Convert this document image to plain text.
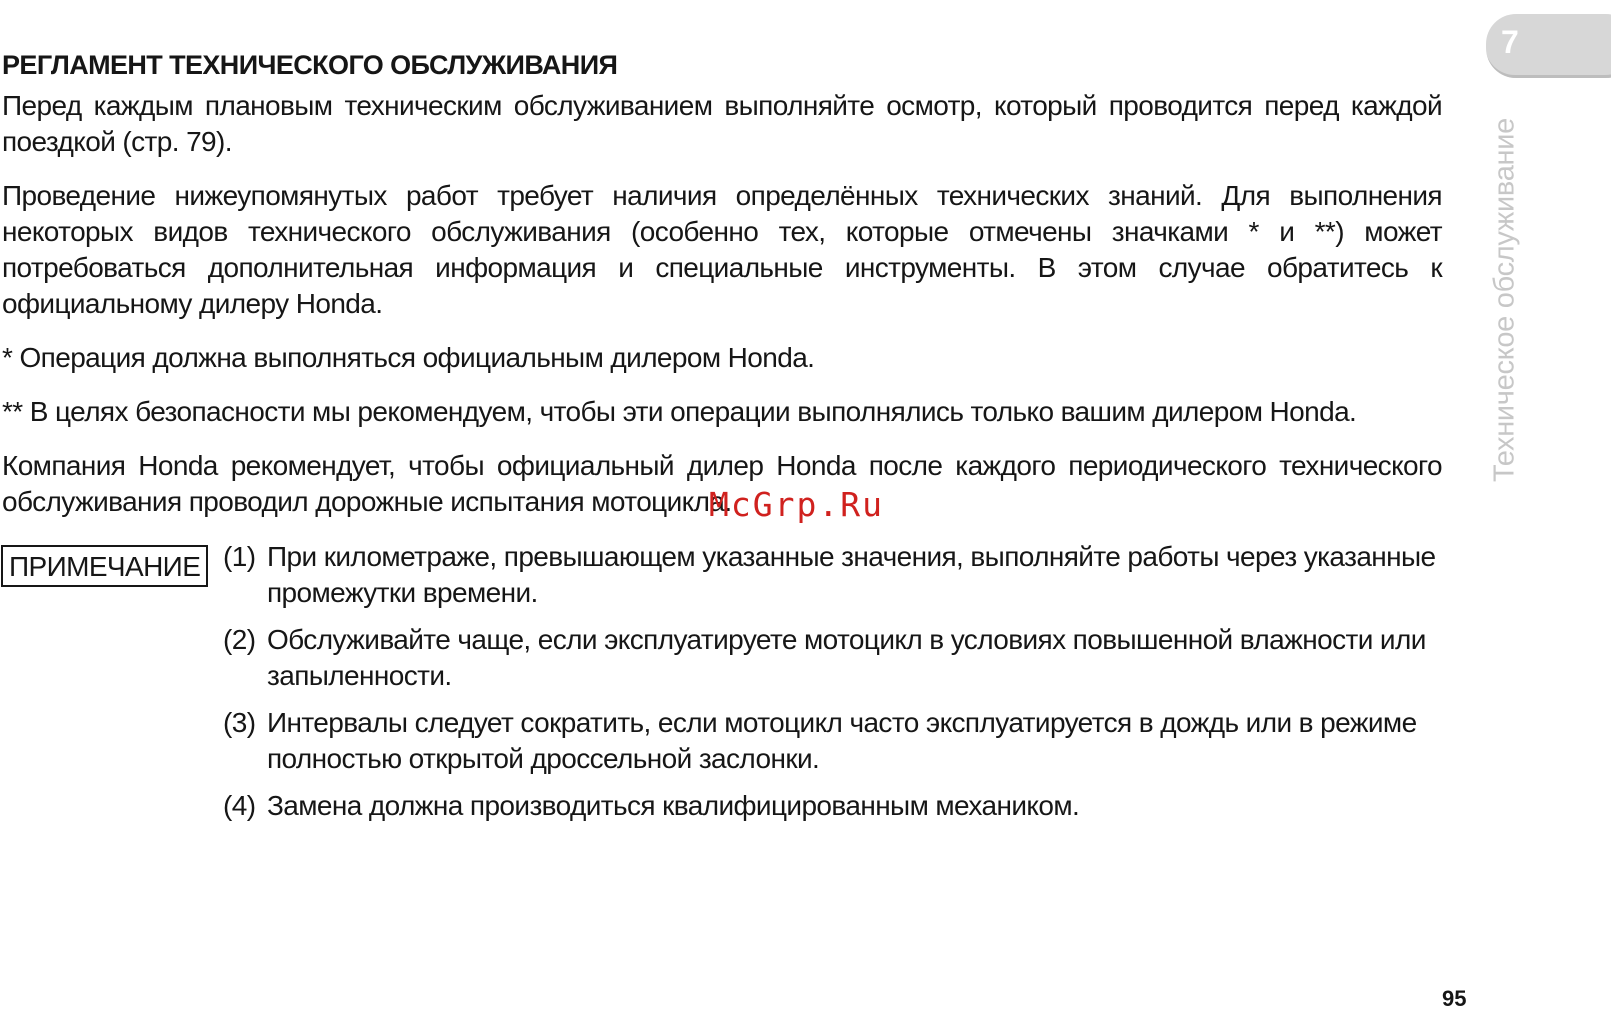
7
Техническое обслуживание
РЕГЛАМЕНТ ТЕХНИЧЕСКОГО ОБСЛУЖИВАНИЯ

Перед каждым плановым техническим обслуживанием выполняйте осмотр, который проводится перед каждой поездкой (стр. 79).

Проведение нижеупомянутых работ требует наличия определённых технических знаний. Для выполнения некоторых видов технического обслуживания (особенно тех, которые отмечены значками * и **) может потребоваться дополнительная информация и специальные инструменты. В этом случае обратитесь к официальному дилеру Honda.

* Операция должна выполняться официальным дилером Honda.

** В целях безопасности мы рекомендуем, чтобы эти операции выполнялись только вашим дилером Honda.

Компания Honda рекомендует, чтобы официальный дилер Honda после каждого периодического технического обслуживания проводил дорожные испытания мотоцикла.

McGrp.Ru
ПРИМЕЧАНИЕ (1) При километраже, превышающем указанные значения, выполняйте работы через указанные промежутки времени.
(2) Обслуживайте чаще, если эксплуатируете мотоцикл в условиях повышенной влажности или запыленности.
(3) Интервалы следует сократить, если мотоцикл часто эксплуатируется в дождь или в режиме полностью открытой дроссельной заслонки.
(4) Замена должна производиться квалифицированным механиком.
95
